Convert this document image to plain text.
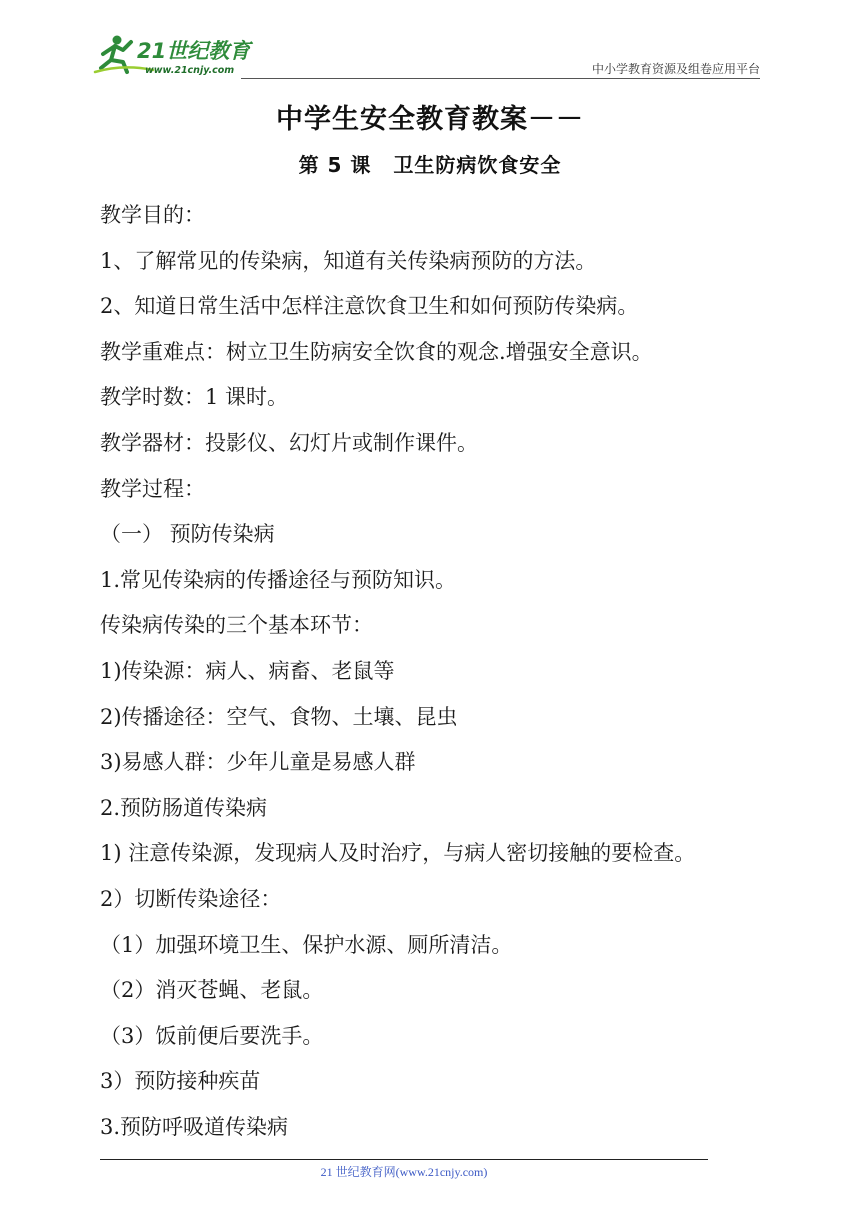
21世纪教育
www.21cnjy.com	中小学教育资源及组卷应用平台
中学生安全教育教案－－
第 5 课 卫生防病饮食安全
教学目的：
1、了解常见的传染病，知道有关传染病预防的方法。
2、知道日常生活中怎样注意饮食卫生和如何预防传染病。
教学重难点：树立卫生防病安全饮食的观念.增强安全意识。
教学时数：1 课时。
教学器材：投影仪、幻灯片或制作课件。
教学过程：
（一） 预防传染病
1.常见传染病的传播途径与预防知识。
传染病传染的三个基本环节：
1)传染源：病人、病畜、老鼠等
2)传播途径：空气、食物、土壤、昆虫
3)易感人群：少年儿童是易感人群
2.预防肠道传染病
1) 注意传染源，发现病人及时治疗，与病人密切接触的要检查。
2）切断传染途径：
（1）加强环境卫生、保护水源、厕所清洁。
（2）消灭苍蝇、老鼠。
（3）饭前便后要洗手。
3）预防接种疾苗
3.预防呼吸道传染病
21 世纪教育网(www.21cnjy.com)
